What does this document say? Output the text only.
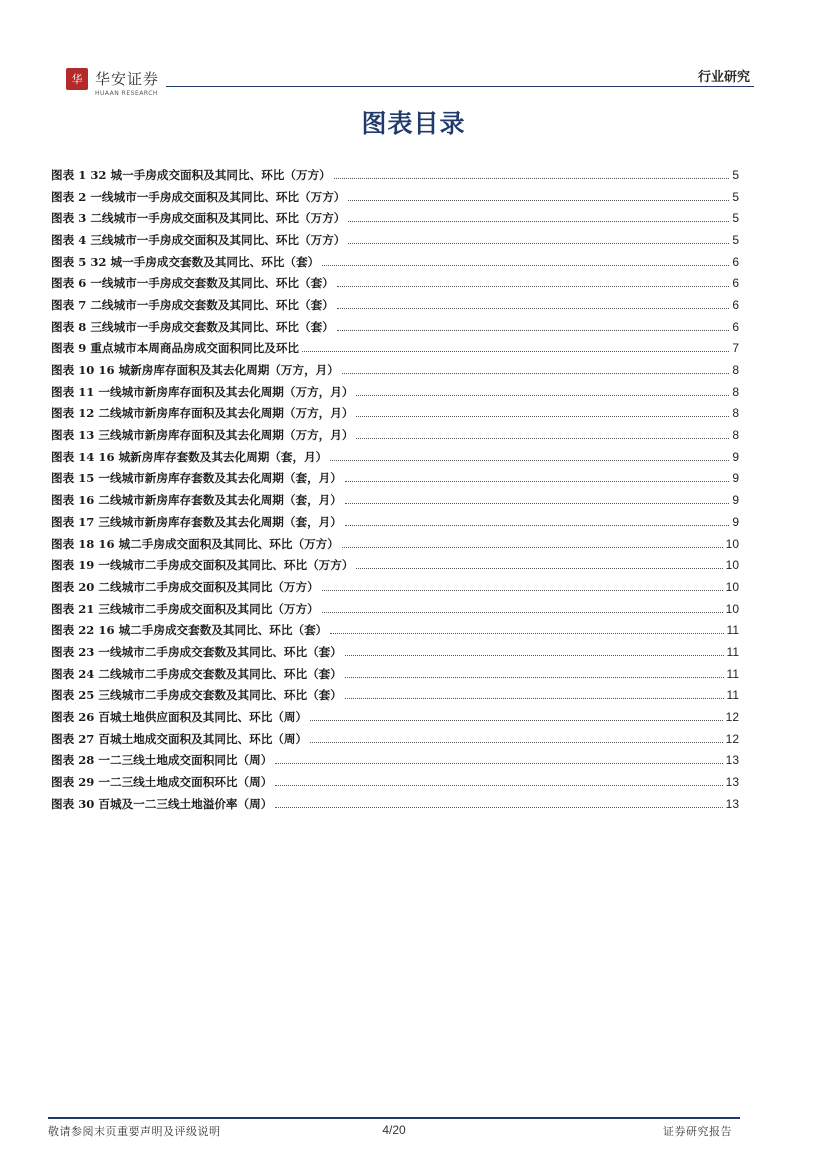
华 华安证券
HUAAN RESEARCH
行业研究
图表目录
图表 1 32 城一手房成交面积及其同比、环比（万方）	5
图表 2 一线城市一手房成交面积及其同比、环比（万方）	5
图表 3 二线城市一手房成交面积及其同比、环比（万方）	5
图表 4 三线城市一手房成交面积及其同比、环比（万方）	5
图表 5 32 城一手房成交套数及其同比、环比（套）	6
图表 6 一线城市一手房成交套数及其同比、环比（套）	6
图表 7 二线城市一手房成交套数及其同比、环比（套）	6
图表 8 三线城市一手房成交套数及其同比、环比（套）	6
图表 9 重点城市本周商品房成交面积同比及环比	7
图表 10 16 城新房库存面积及其去化周期（万方，月）	8
图表 11 一线城市新房库存面积及其去化周期（万方，月）	8
图表 12 二线城市新房库存面积及其去化周期（万方，月）	8
图表 13 三线城市新房库存面积及其去化周期（万方，月）	8
图表 14 16 城新房库存套数及其去化周期（套，月）	9
图表 15 一线城市新房库存套数及其去化周期（套，月）	9
图表 16 二线城市新房库存套数及其去化周期（套，月）	9
图表 17 三线城市新房库存套数及其去化周期（套，月）	9
图表 18 16 城二手房成交面积及其同比、环比（万方）	10
图表 19 一线城市二手房成交面积及其同比、环比（万方）	10
图表 20 二线城市二手房成交面积及其同比（万方）	10
图表 21 三线城市二手房成交面积及其同比（万方）	10
图表 22 16 城二手房成交套数及其同比、环比（套）	11
图表 23 一线城市二手房成交套数及其同比、环比（套）	11
图表 24 二线城市二手房成交套数及其同比、环比（套）	11
图表 25 三线城市二手房成交套数及其同比、环比（套）	11
图表 26 百城土地供应面积及其同比、环比（周）	12
图表 27 百城土地成交面积及其同比、环比（周）	12
图表 28 一二三线土地成交面积同比（周）	13
图表 29 一二三线土地成交面积环比（周）	13
图表 30 百城及一二三线土地溢价率（周）	13
敬请参阅末页重要声明及评级说明	4/20	证券研究报告
